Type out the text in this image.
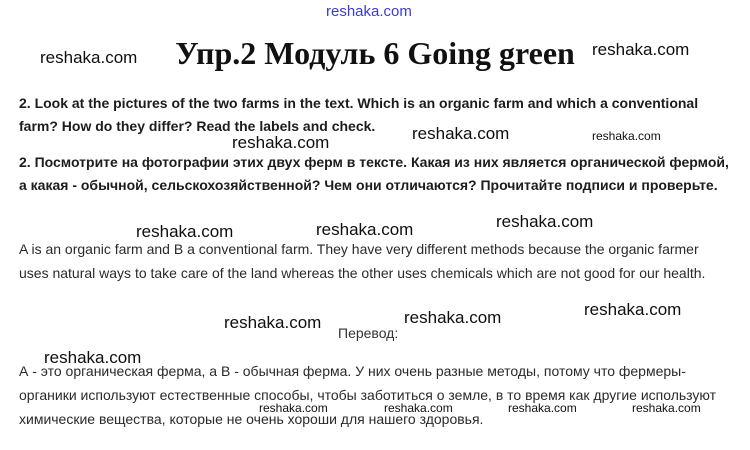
reshaka.com
reshaka.com	reshaka.com
reshaka.com	reshaka.com
reshaka.com
reshaka.com
reshaka.com	reshaka.com
reshaka.com
reshaka.com	reshaka.com
reshaka.com
reshaka.com	reshaka.com	reshaka.com	reshaka.com
Упр.2 Модуль 6 Going green

2. Look at the pictures of the two farms in the text. Which is an organic farm and which a conventional farm? How do they differ? Read the labels and check.

2. Посмотрите на фотографии этих двух ферм в тексте. Какая из них является органической фермой, а какая - обычной, сельскохозяйственной? Чем они отличаются? Прочитайте подписи и проверьте.

A is an organic farm and B a conventional farm. They have very different methods because the organic farmer uses natural ways to take care of the land whereas the other uses chemicals which are not good for our health.

Перевод:

А - это органическая ферма, а В - обычная ферма. У них очень разные методы, потому что фермеры-органики используют естественные способы, чтобы заботиться о земле, в то время как другие используют химические вещества, которые не очень хороши для нашего здоровья.
